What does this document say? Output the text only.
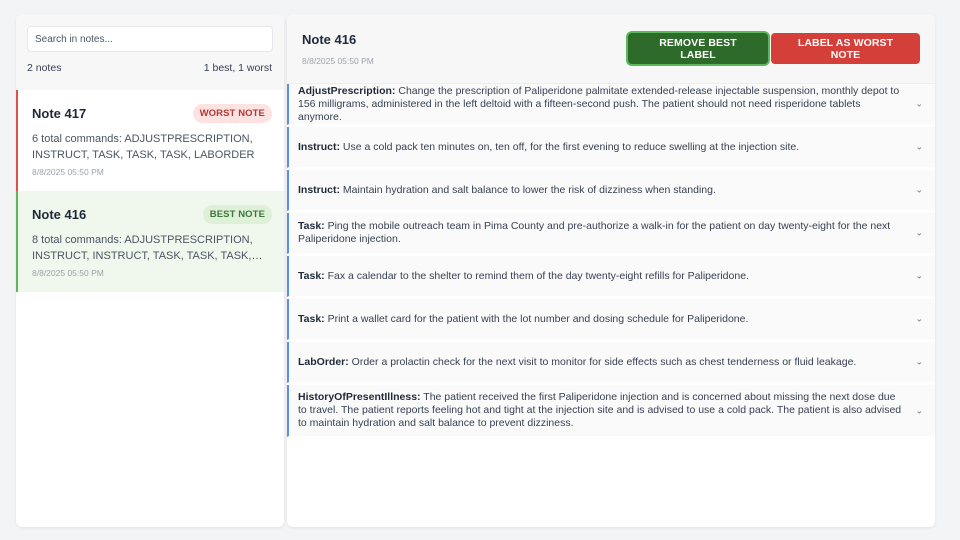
Search in notes...
2 notes	1 best, 1 worst
Note 417	WORST NOTE
6 total commands: ADJUSTPRESCRIPTION, INSTRUCT, TASK, TASK, TASK, LABORDER
8/8/2025 05:50 PM
Note 416	BEST NOTE
8 total commands: ADJUSTPRESCRIPTION, INSTRUCT, INSTRUCT, TASK, TASK, TASK,
8/8/2025 05:50 PM
Note 416
8/8/2025 05:50 PM
REMOVE BEST LABEL
LABEL AS WORST NOTE
AdjustPrescription: Change the prescription of Paliperidone palmitate extended-release injectable suspension, monthly depot to 156 milligrams, administered in the left deltoid with a fifteen-second push. The patient should not need risperidone tablets anymore.
⌄
Instruct: Use a cold pack ten minutes on, ten off, for the first evening to reduce swelling at the injection site.	⌄
Instruct: Maintain hydration and salt balance to lower the risk of dizziness when standing.	⌄
Task: Ping the mobile outreach team in Pima County and pre-authorize a walk-in for the patient on day twenty-eight for the next Paliperidone injection.
⌄
Task: Fax a calendar to the shelter to remind them of the day twenty-eight refills for Paliperidone.	⌄
Task: Print a wallet card for the patient with the lot number and dosing schedule for Paliperidone.	⌄
LabOrder: Order a prolactin check for the next visit to monitor for side effects such as chest tenderness or fluid leakage.	⌄
HistoryOfPresentIllness: The patient received the first Paliperidone injection and is concerned about missing the next dose due to travel. The patient reports feeling hot and tight at the injection site and is advised to use a cold pack. The patient is also advised to maintain hydration and salt balance to prevent dizziness.
⌄
